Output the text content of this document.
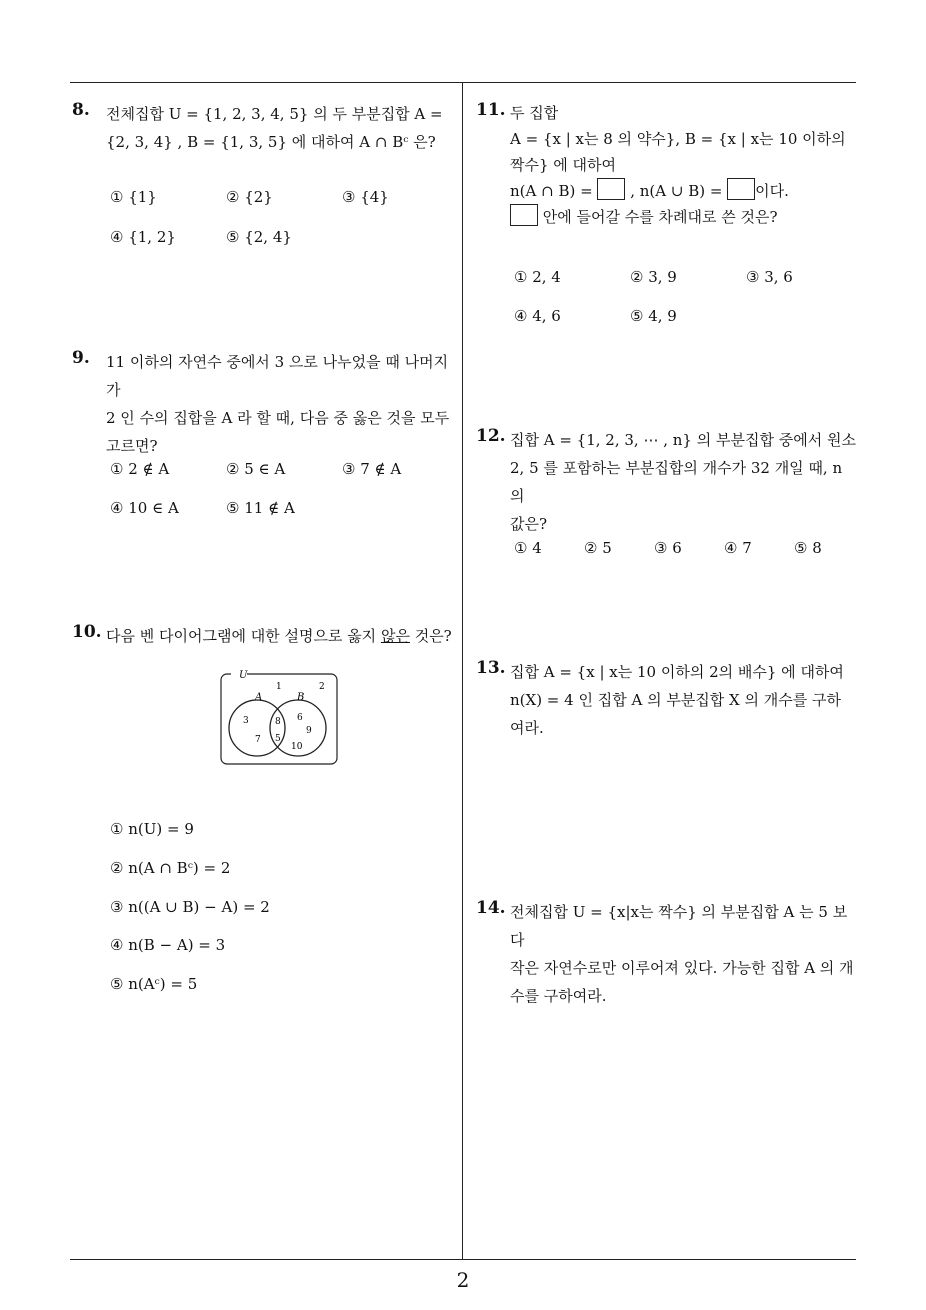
8. 전체집합 U = {1, 2, 3, 4, 5} 의 두 부분집합 A =
{2, 3, 4} , B = {1, 3, 5} 에 대하여 A ∩ Bᶜ 은?
① {1}	② {2}	③ {4}
④ {1, 2}	⑤ {2, 4}
9. 11 이하의 자연수 중에서 3 으로 나누었을 때 나머지가
2 인 수의 집합을 A 라 할 때, 다음 중 옳은 것을 모두
고르면?
① 2 ∉ A	② 5 ∈ A	③ 7 ∉ A
④ 10 ∈ A	⑤ 11 ∉ A
10. 다음 벤 다이어그램에 대한 설명으로 옳지 않은 것은?
U
A	B
1	2
3
7
8
5
6
9
10
① n(U) = 9
② n(A ∩ Bᶜ) = 2
③ n((A ∪ B) − A) = 2
④ n(B − A) = 3
⑤ n(Aᶜ) = 5
11. 두 집합
A = {x | x는 8 의 약수}, B = {x | x는 10 이하의
짝수} 에 대하여
n(A ∩ B) =  , n(A ∪ B) = 이다.
안에 들어갈 수를 차례대로 쓴 것은?
① 2, 4	② 3, 9	③ 3, 6
④ 4, 6	⑤ 4, 9
12. 집합 A = {1, 2, 3, ⋯ , n} 의 부분집합 중에서 원소
2, 5 를 포함하는 부분집합의 개수가 32 개일 때, n 의
값은?
① 4	② 5	③ 6	④ 7	⑤ 8
13. 집합 A = {x | x는 10 이하의 2의 배수} 에 대하여
n(X) = 4 인 집합 A 의 부분집합 X 의 개수를 구하
여라.
14. 전체집합 U = {x|x는 짝수} 의 부분집합 A 는 5 보다
작은 자연수로만 이루어져 있다. 가능한 집합 A 의 개
수를 구하여라.
2
